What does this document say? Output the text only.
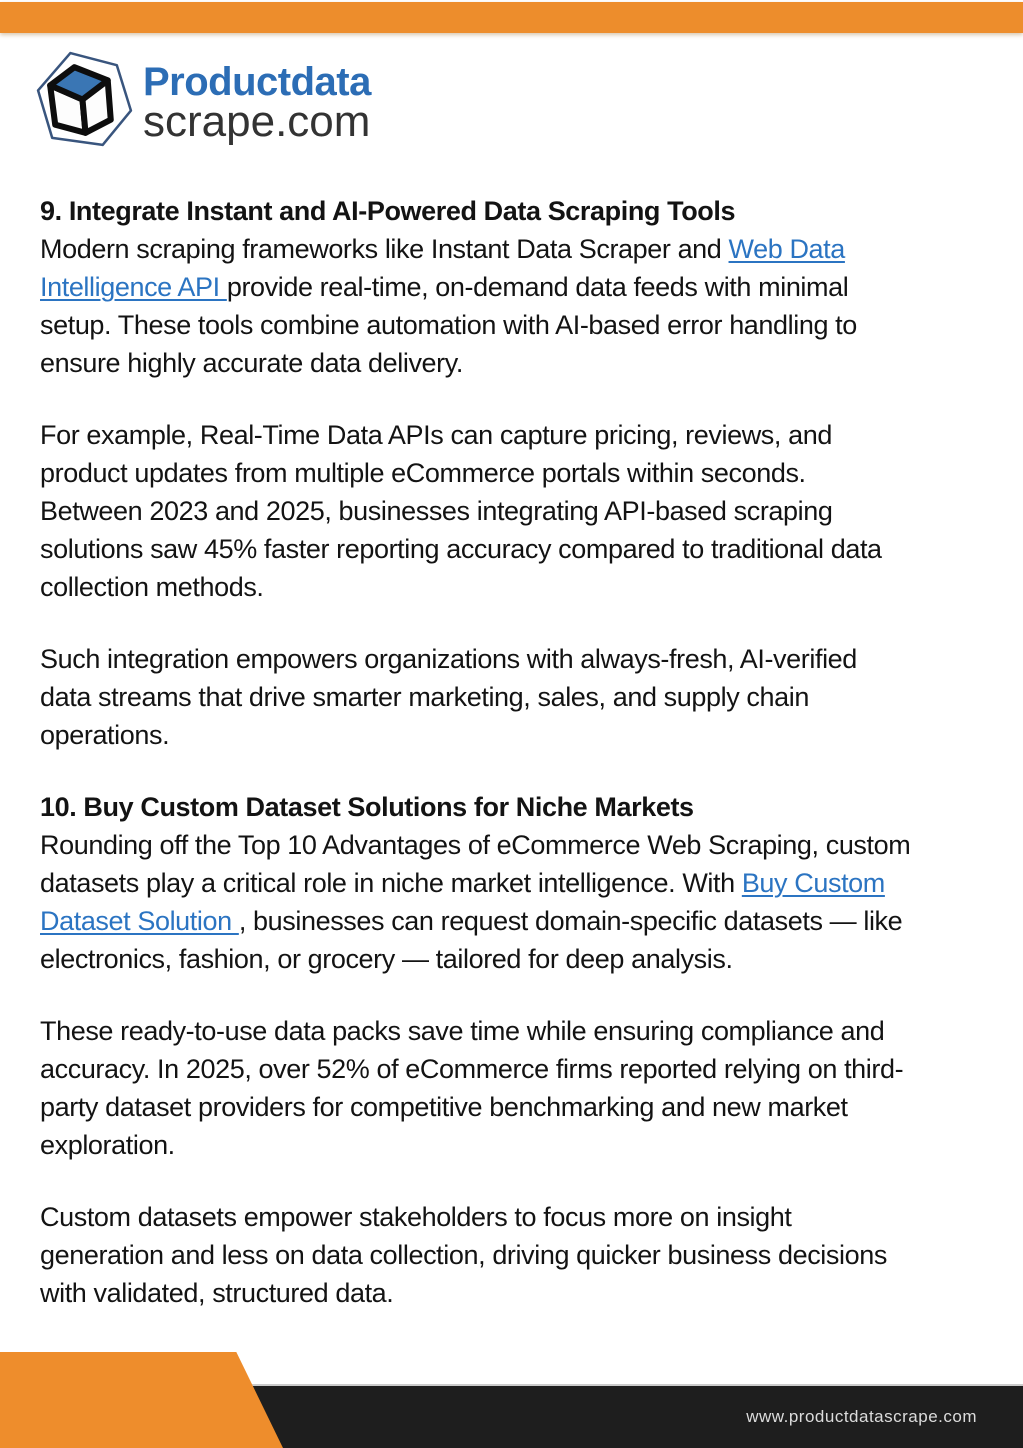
Productdata
scrape.com
9. Integrate Instant and AI-Powered Data Scraping Tools

Modern scraping frameworks like Instant Data Scraper and Web Data
Intelligence API provide real-time, on-demand data feeds with minimal
setup. These tools combine automation with AI-based error handling to
ensure highly accurate data delivery.

For example, Real-Time Data APIs can capture pricing, reviews, and
product updates from multiple eCommerce portals within seconds.
Between 2023 and 2025, businesses integrating API-based scraping
solutions saw 45% faster reporting accuracy compared to traditional data
collection methods.

Such integration empowers organizations with always-fresh, AI-verified
data streams that drive smarter marketing, sales, and supply chain
operations.

10. Buy Custom Dataset Solutions for Niche Markets

Rounding off the Top 10 Advantages of eCommerce Web Scraping, custom
datasets play a critical role in niche market intelligence. With Buy Custom
Dataset Solution , businesses can request domain-specific datasets — like
electronics, fashion, or grocery — tailored for deep analysis.

These ready-to-use data packs save time while ensuring compliance and
accuracy. In 2025, over 52% of eCommerce firms reported relying on third-
party dataset providers for competitive benchmarking and new market
exploration.

Custom datasets empower stakeholders to focus more on insight
generation and less on data collection, driving quicker business decisions
with validated, structured data.

www.productdatascrape.com
